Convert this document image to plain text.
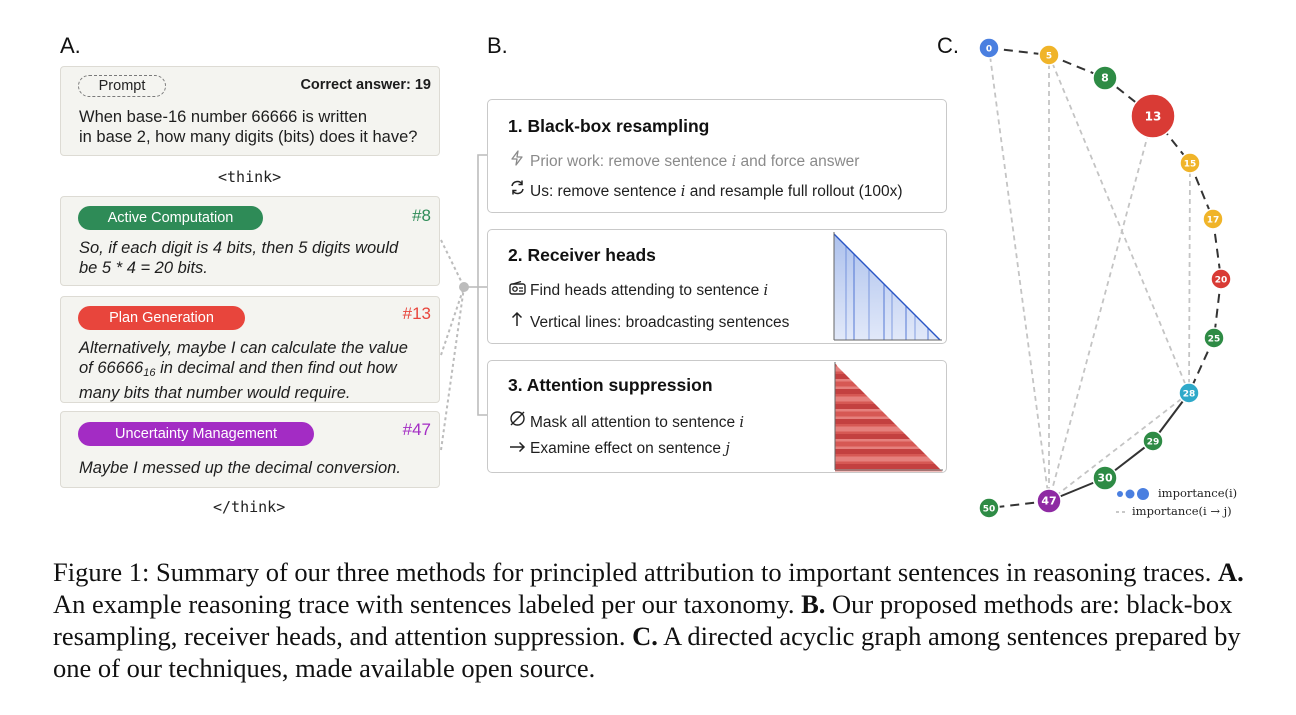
A.	B.	C.
Prompt	Correct answer: 19
When base-16 number 66666 is written
in base 2, how many digits (bits) does it have?
<think>
Active Computation	#8
So, if each digit is 4 bits, then 5 digits would
be 5 * 4 = 20 bits.
Plan Generation	#13
Alternatively, maybe I can calculate the value
of $66666_{16}$ in decimal and then find out how
many bits that number would require.
Uncertainty Management	#47
Maybe I messed up the decimal conversion.
</think>
1. Black-box resampling
Prior work: remove sentence i and force answer
Us: remove sentence i and resample full rollout (100x)
2. Receiver heads
Find heads attending to sentence i
Vertical lines: broadcasting sentences
3. Attention suppression
Mask all attention to sentence i
Examine effect on sentence j
0
5
8
13
15
17
20
25
28
29
30
47
50
importance(i)
importance(i → j)

Figure 1: Summary of our three methods for principled attribution to important sentences in reasoning traces. A. An example reasoning trace with sentences labeled per our taxonomy. B. Our proposed methods are: black-box resampling, receiver heads, and attention suppression. C. A directed acyclic graph among sentences prepared by one of our techniques, made available open source.
